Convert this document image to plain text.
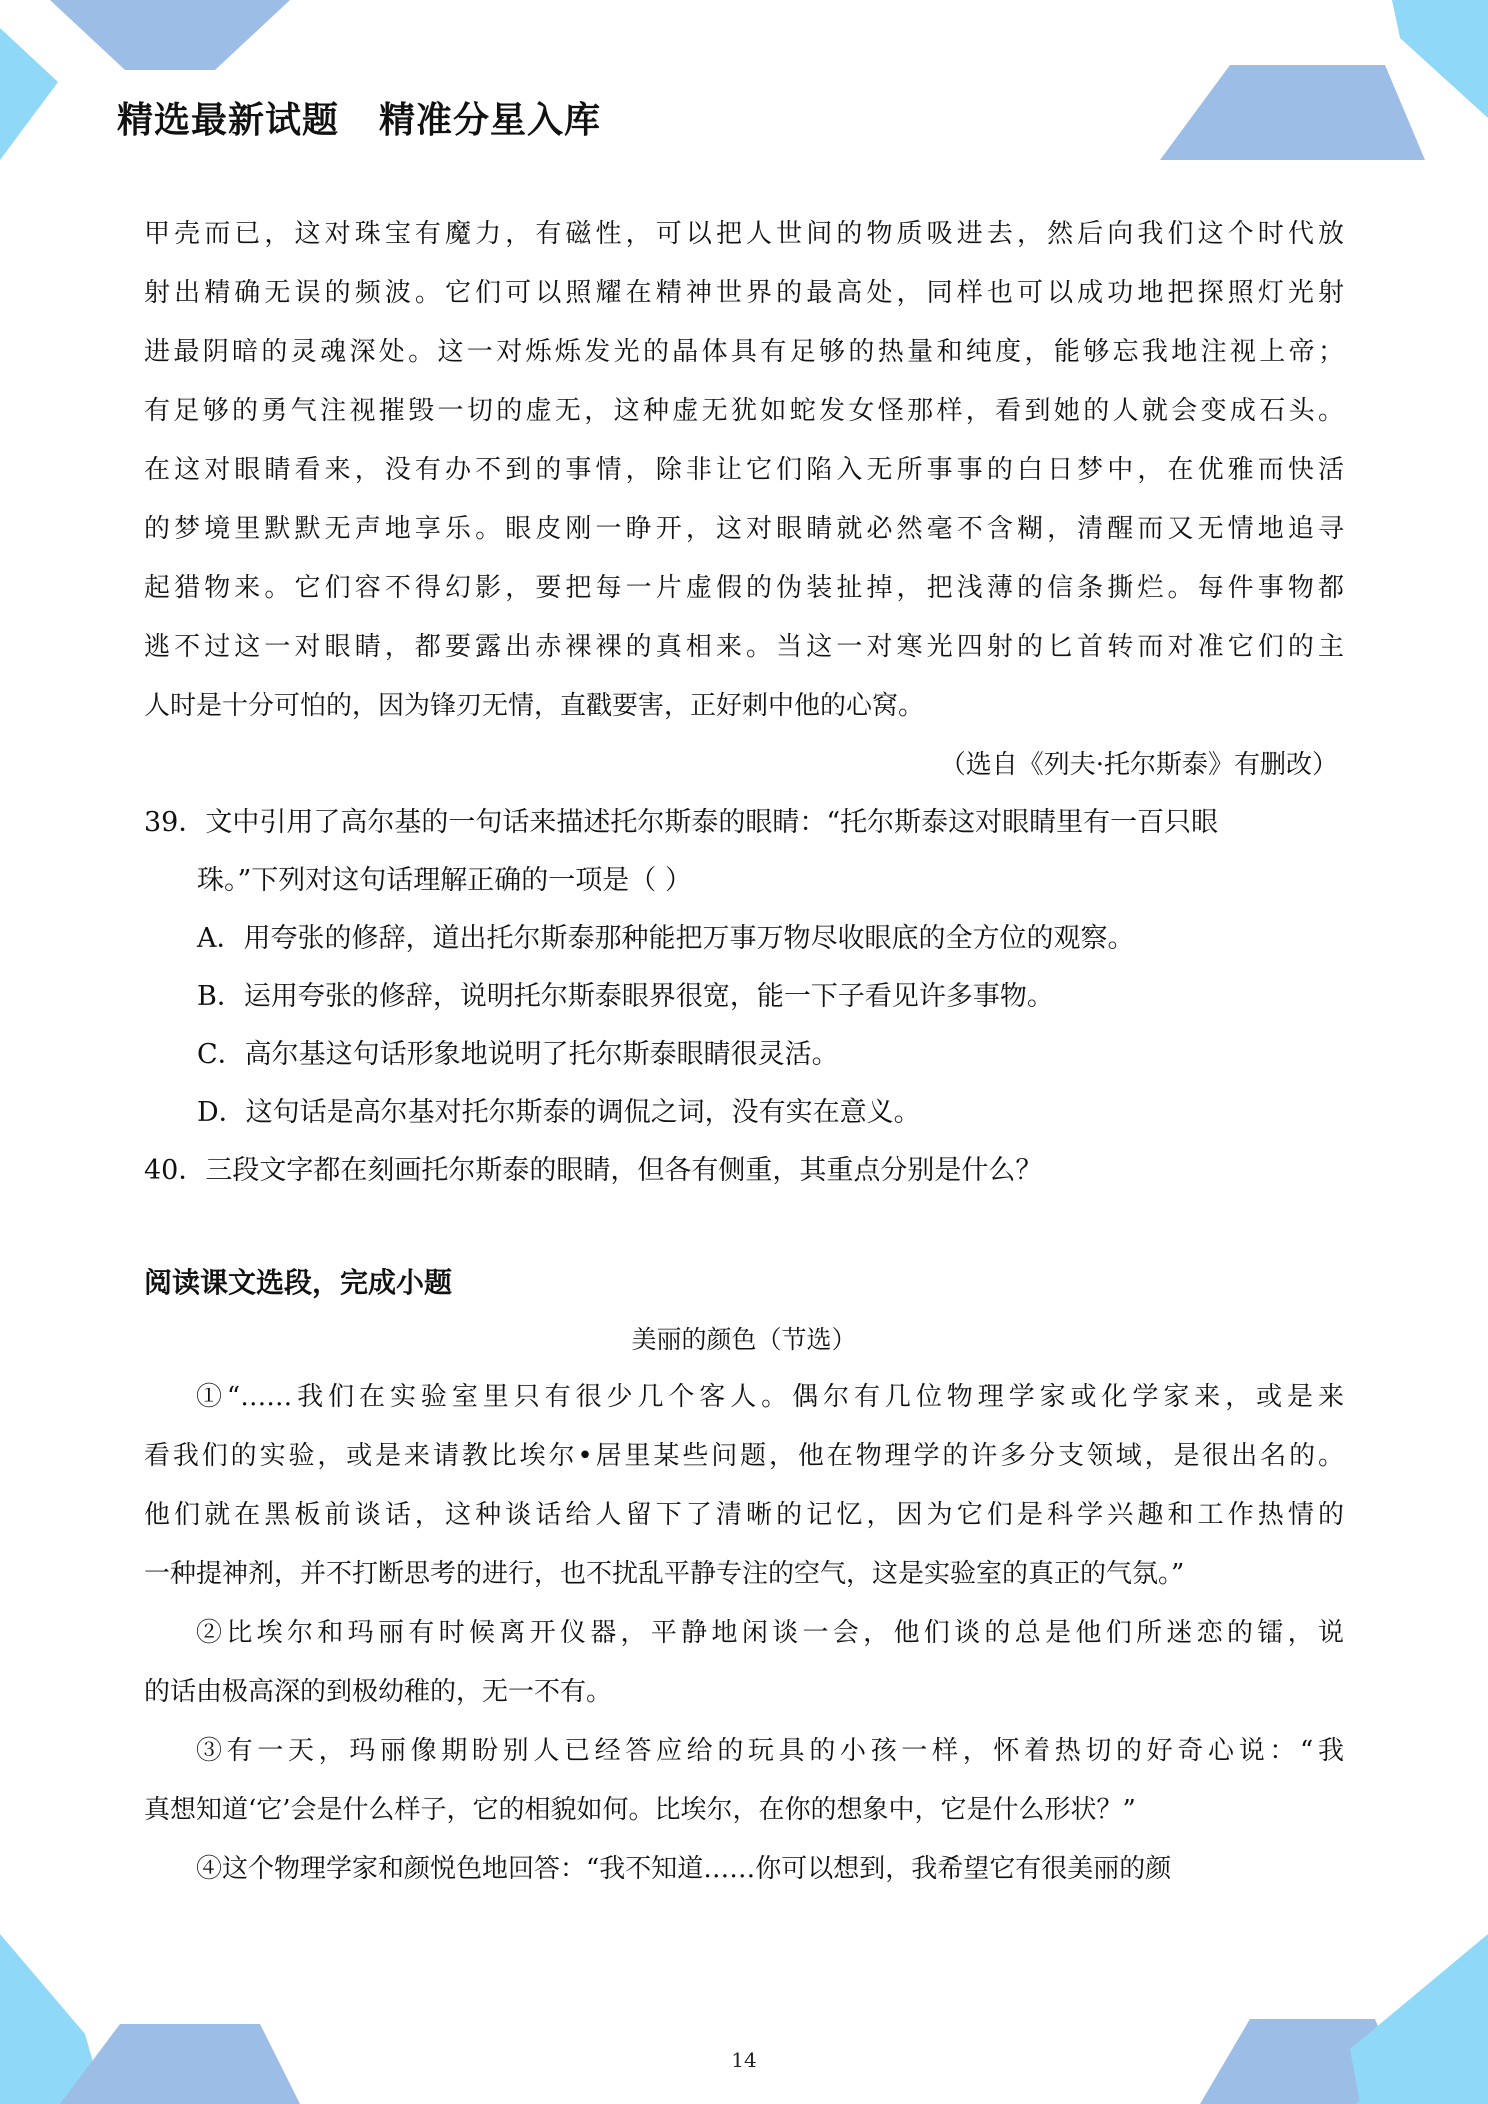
精选最新试题 精准分星入库

甲壳而已，这对珠宝有魔力，有磁性，可以把人世间的物质吸进去，然后向我们这个时代放

射出精确无误的频波。它们可以照耀在精神世界的最高处，同样也可以成功地把探照灯光射

进最阴暗的灵魂深处。这一对烁烁发光的晶体具有足够的热量和纯度，能够忘我地注视上帝；

有足够的勇气注视摧毁一切的虚无，这种虚无犹如蛇发女怪那样，看到她的人就会变成石头。

在这对眼睛看来，没有办不到的事情，除非让它们陷入无所事事的白日梦中，在优雅而快活

的梦境里默默无声地享乐。眼皮刚一睁开，这对眼睛就必然毫不含糊，清醒而又无情地追寻

起猎物来。它们容不得幻影，要把每一片虚假的伪装扯掉，把浅薄的信条撕烂。每件事物都

逃不过这一对眼睛，都要露出赤裸裸的真相来。当这一对寒光四射的匕首转而对准它们的主

人时是十分可怕的，因为锋刃无情，直戳要害，正好刺中他的心窝。

（选自《列夫·托尔斯泰》有删改）

39．文中引用了高尔基的一句话来描述托尔斯泰的眼睛：“托尔斯泰这对眼睛里有一百只眼
珠。”下列对这句话理解正确的一项是（ ）

A．用夸张的修辞，道出托尔斯泰那种能把万事万物尽收眼底的全方位的观察。

B．运用夸张的修辞，说明托尔斯泰眼界很宽，能一下子看见许多事物。

C．高尔基这句话形象地说明了托尔斯泰眼睛很灵活。

D．这句话是高尔基对托尔斯泰的调侃之词，没有实在意义。

40．三段文字都在刻画托尔斯泰的眼睛，但各有侧重，其重点分别是什么？

阅读课文选段，完成小题

美丽的颜色（节选）

①“……我们在实验室里只有很少几个客人。偶尔有几位物理学家或化学家来，或是来

看我们的实验，或是来请教比埃尔•居里某些问题，他在物理学的许多分支领域，是很出名的。

他们就在黑板前谈话，这种谈话给人留下了清晰的记忆，因为它们是科学兴趣和工作热情的

一种提神剂，并不打断思考的进行，也不扰乱平静专注的空气，这是实验室的真正的气氛。”

②比埃尔和玛丽有时候离开仪器，平静地闲谈一会，他们谈的总是他们所迷恋的镭，说

的话由极高深的到极幼稚的，无一不有。

③有一天，玛丽像期盼别人已经答应给的玩具的小孩一样，怀着热切的好奇心说：“我

真想知道‘它’会是什么样子，它的相貌如何。比埃尔，在你的想象中，它是什么形状？”

④这个物理学家和颜悦色地回答：“我不知道……你可以想到，我希望它有很美丽的颜

14
